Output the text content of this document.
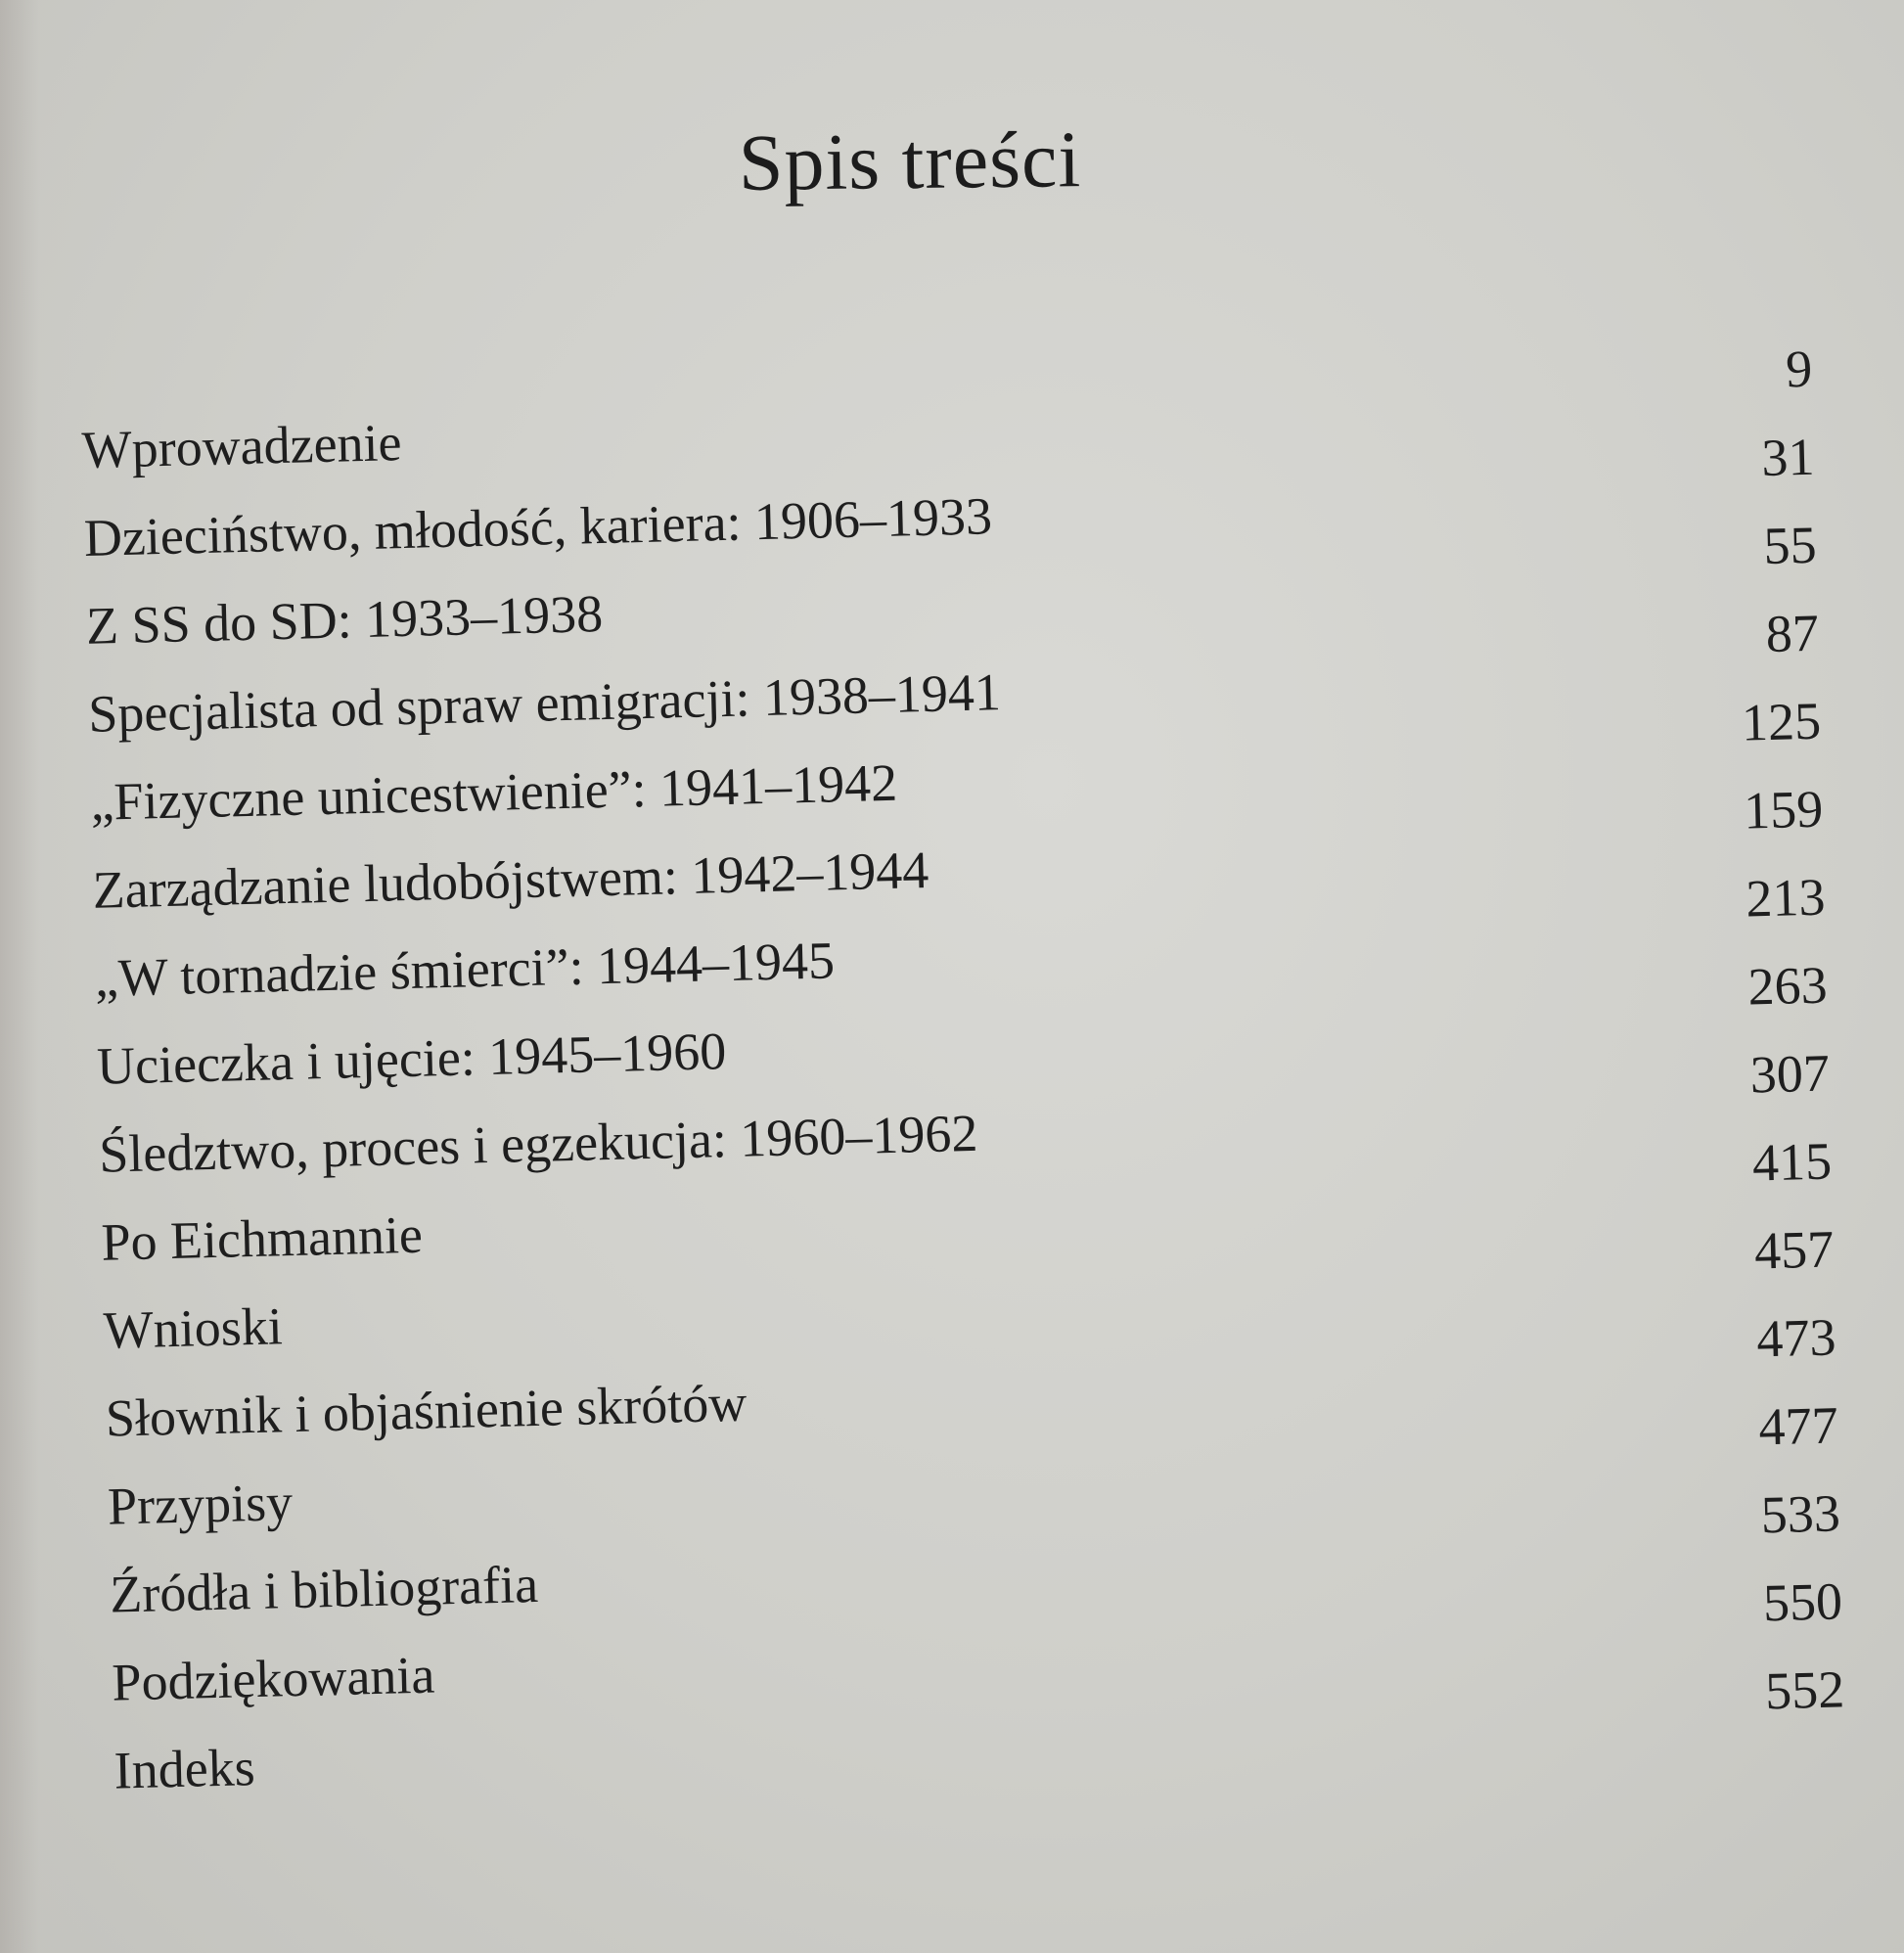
Spis treści
Wprowadzenie
9
Dzieciństwo, młodość, kariera: 1906–1933
31
Z SS do SD: 1933–1938
55
Specjalista od spraw emigracji: 1938–1941
87
„Fizyczne unicestwienie”: 1941–1942
125
Zarządzanie ludobójstwem: 1942–1944
159
„W tornadzie śmierci”: 1944–1945
213
Ucieczka i ujęcie: 1945–1960
263
Śledztwo, proces i egzekucja: 1960–1962
307
Po Eichmannie
415
Wnioski
457
Słownik i objaśnienie skrótów
473
Przypisy
477
Źródła i bibliografia
533
Podziękowania
550
Indeks
552
